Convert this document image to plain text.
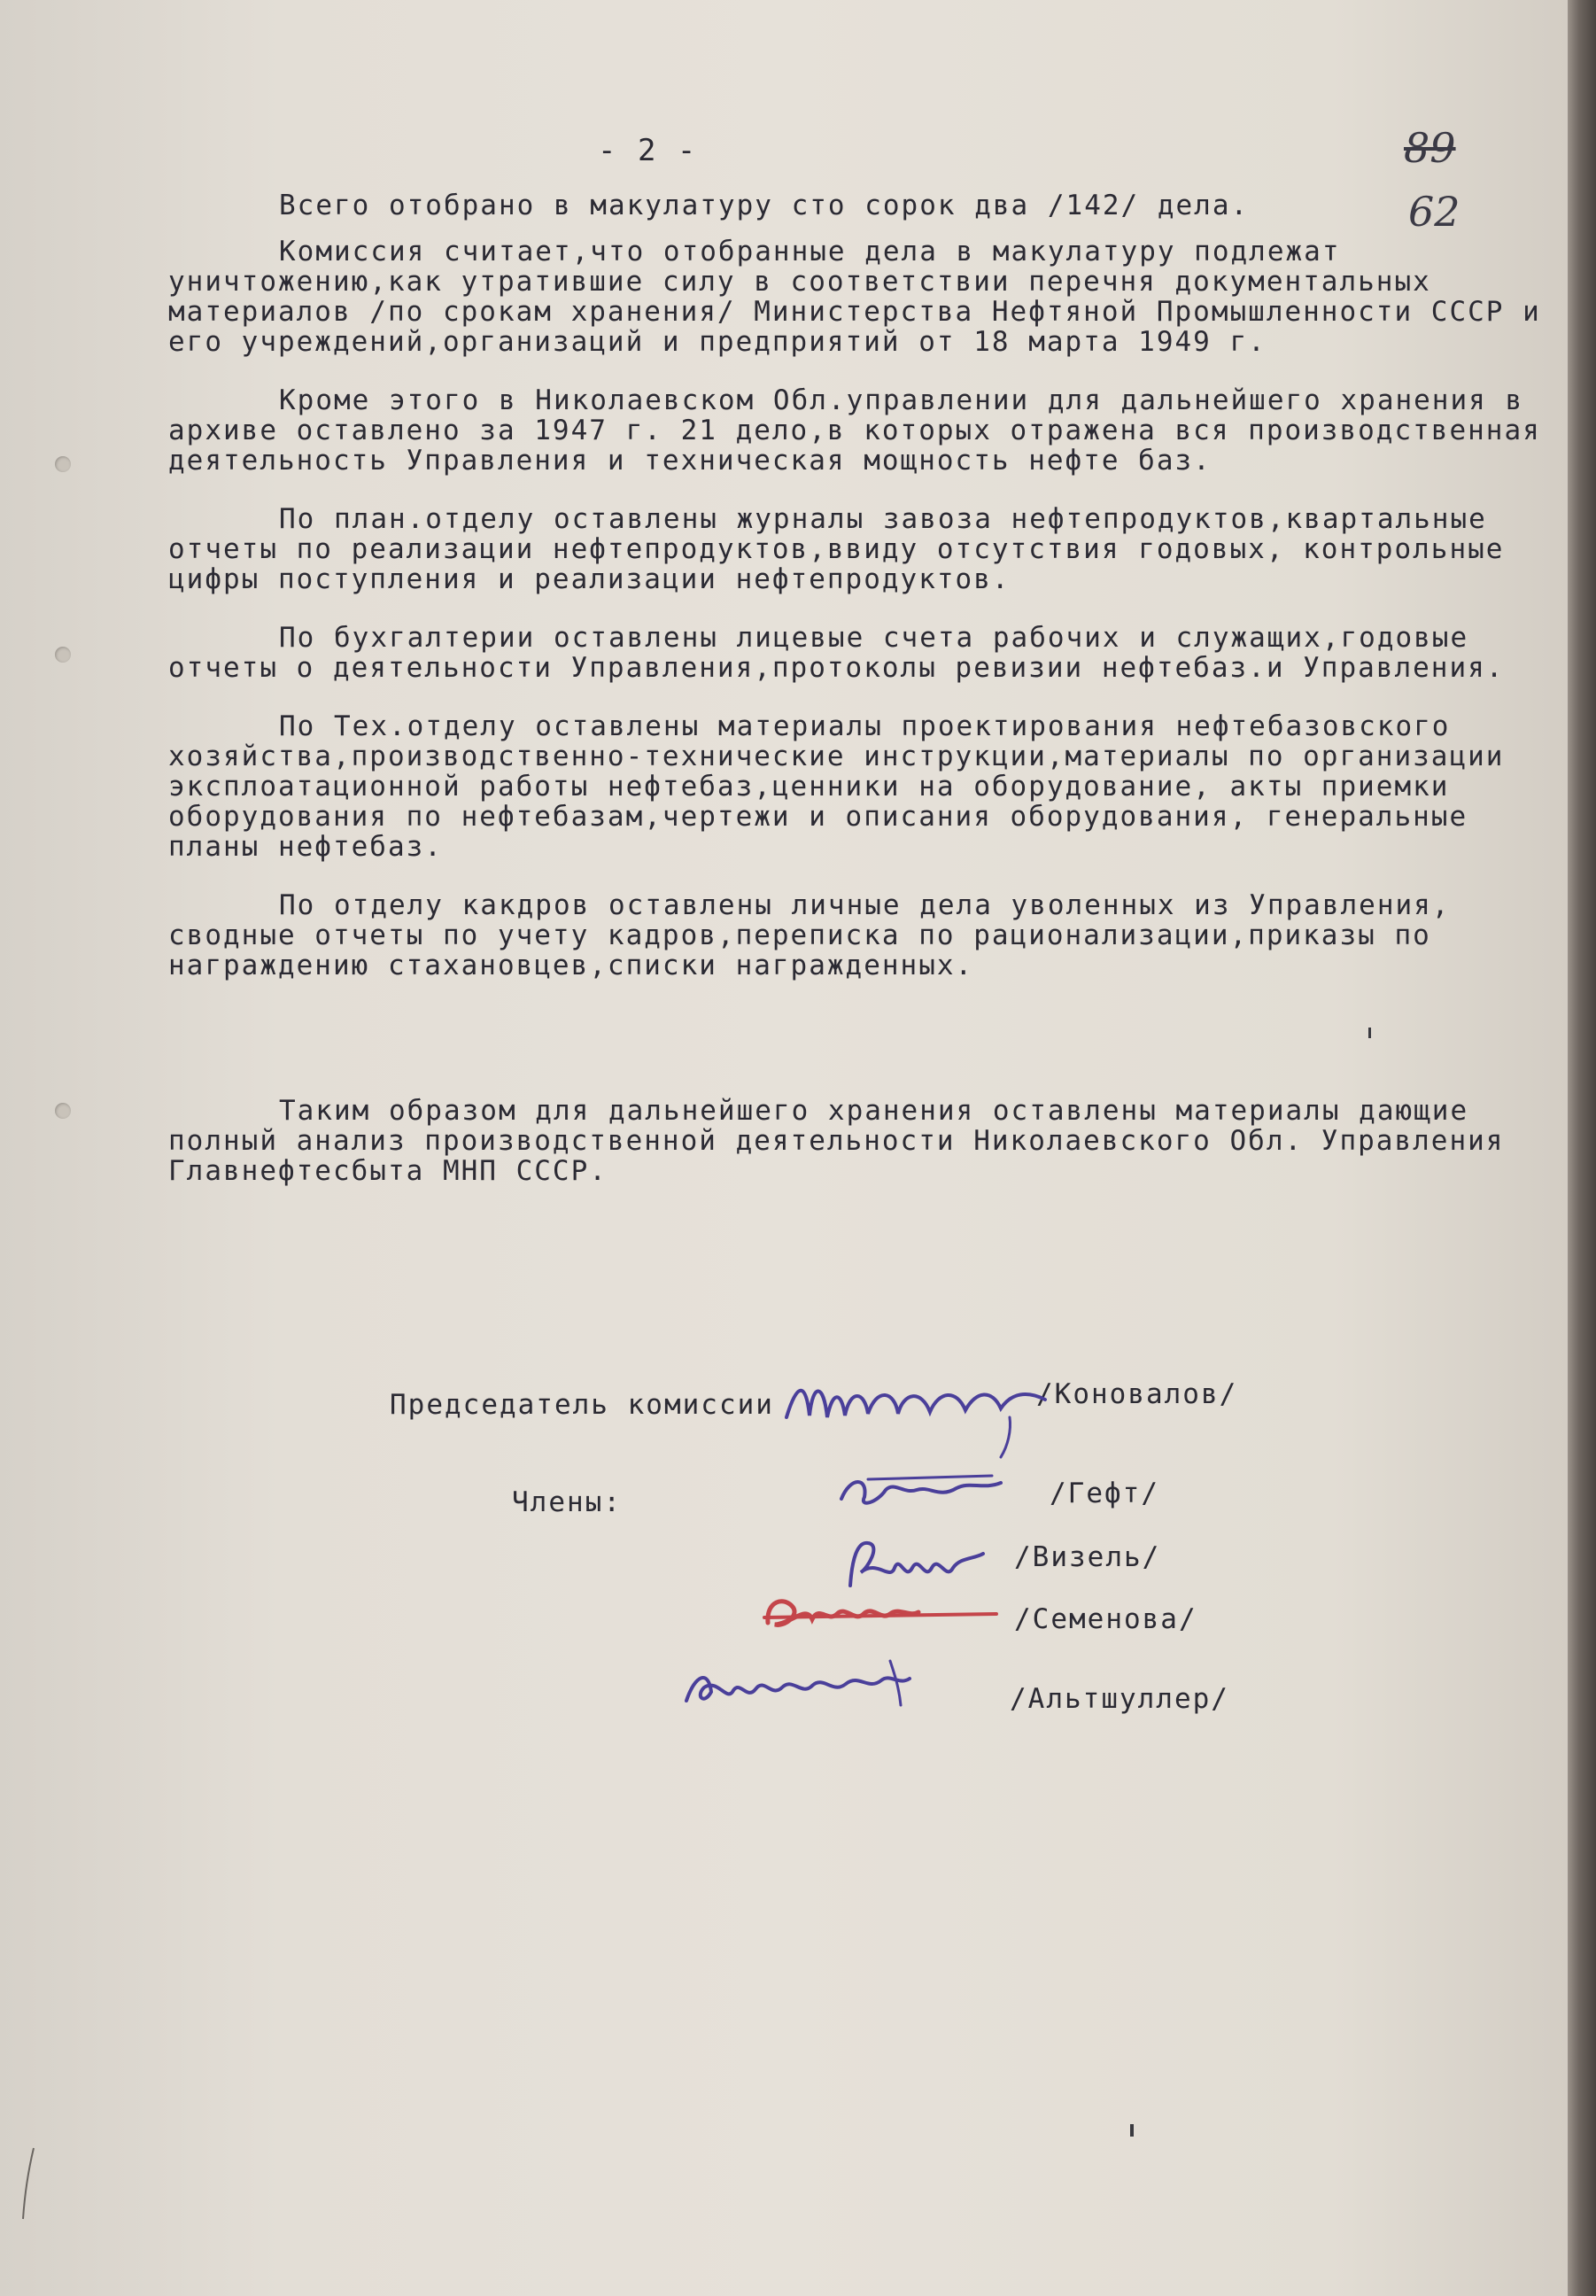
- 2 -	89
62

Всего отобрано в макулатуру сто сорок два /142/ дела.

Комиссия считает,что отобранные дела в макулатуру подлежат уничтожению,как утратившие силу в соответствии перечня документальных материалов /по срокам хранения/ Министерства Нефтяной Промышленности СССР и его учреждений,организаций и предприятий от 18 марта 1949 г.

Кроме этого в Николаевском Обл.управлении для дальнейшего хранения в архиве оставлено за 1947 г. 21 дело,в которых отражена вся производственная деятельность Управления и техническая мощность нефте баз.

По план.отделу оставлены журналы завоза нефтепродуктов,квартальные отчеты по реализации нефтепродуктов,ввиду отсутствия годовых, контрольные цифры поступления и реализации нефтепродуктов.

По бухгалтерии оставлены лицевые счета рабочих и служащих,годовые отчеты о деятельности Управления,протоколы ревизии нефтебаз.и Управления.

По Тех.отделу оставлены материалы проектирования нефтебазовского хозяйства,производственно-технические инструкции,материалы по организации эксплоатационной работы нефтебаз,ценники на оборудование, акты приемки оборудования по нефтебазам,чертежи и описания оборудования, генеральные планы нефтебаз.

По отделу какдров оставлены личные дела уволенных из Управления, сводные отчеты по учету кадров,переписка по рационализации,приказы по награждению стахановцев,списки награжденных.

Таким образом для дальнейшего хранения оставлены материалы дающие полный анализ производственной деятельности Николаевского Обл. Управления Главнефтесбыта МНП СССР.

Председатель комиссии	/Коновалов/
Члены:	/Гефт/
/Визель/
/Семенова/
/Альтшуллер/
